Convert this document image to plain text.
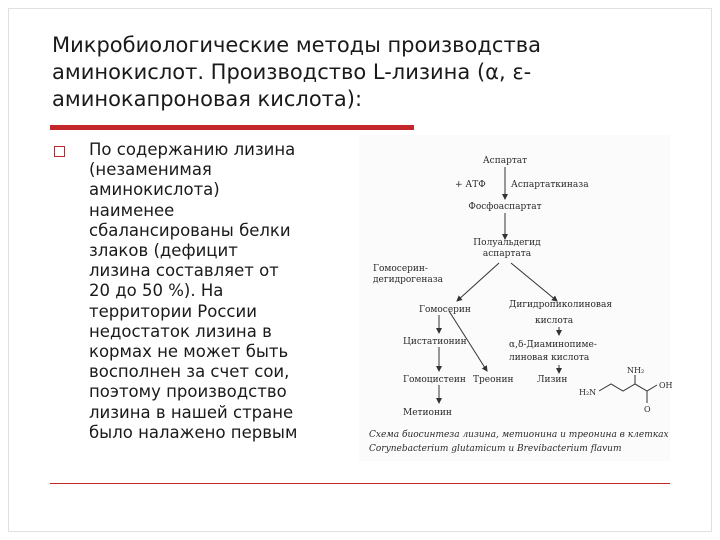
Микробиологические методы производства
аминокислот. Производство L-лизина (α, ε-
аминокапроновая кислота):
По содержанию лизина
(незаменимая
аминокислота)
наименее
сбалансированы белки
злаков (дефицит
лизина составляет от
20 до 50 %). На
территории России
недостаток лизина в
кормах не может быть
восполнен за счет сои,
поэтому производство
лизина в нашей стране
было налажено первым
Аспартат
+ АТФ	Аспартаткиназа
Фосфоаспартат
Полуальдегид
аспартата
Гомосерин-
дегидрогеназа
Гомосерин	Дигидропиколиновая
кислота
Цистатионин	α,δ-Диаминопиме-
линовая кислота
Гомоцистеин Треонин	Лизин
Метионин
NH₂
H₂N
OH
O
Схема биосинтеза лизина, метионина и треонина в клетках
Corynebacterium glutamicum и Brevibacterium flavum
